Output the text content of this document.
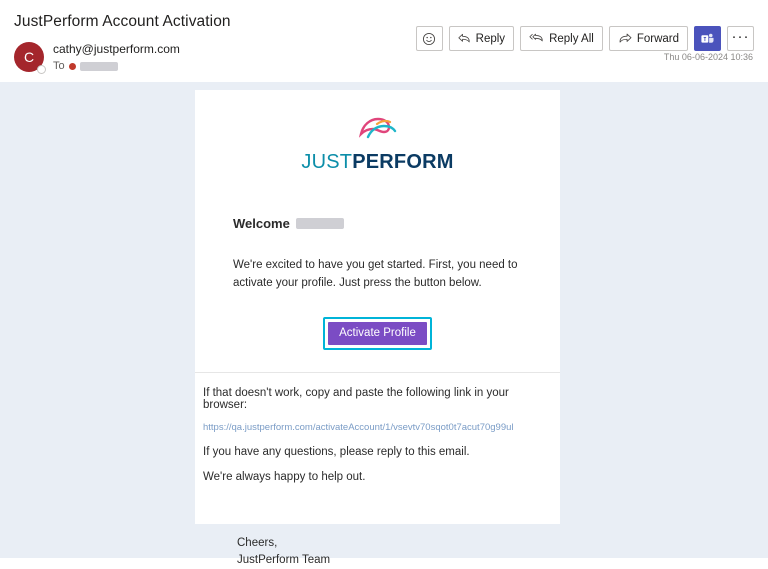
JustPerform Account Activation
C cathy@justperform.com
To
Reply	Reply All	Forward	···
Thu 06-06-2024 10:36
JUSTPERFORM
Welcome
We're excited to have you get started. First, you need to activate your profile. Just press the button below.
Activate Profile
If that doesn't work, copy and paste the following link in your browser:
https://qa.justperform.com/activateAccount/1/vsevtv70sqot0t7acut70g99ul
If you have any questions, please reply to this email.
We're always happy to help out.
Cheers,
JustPerform Team
